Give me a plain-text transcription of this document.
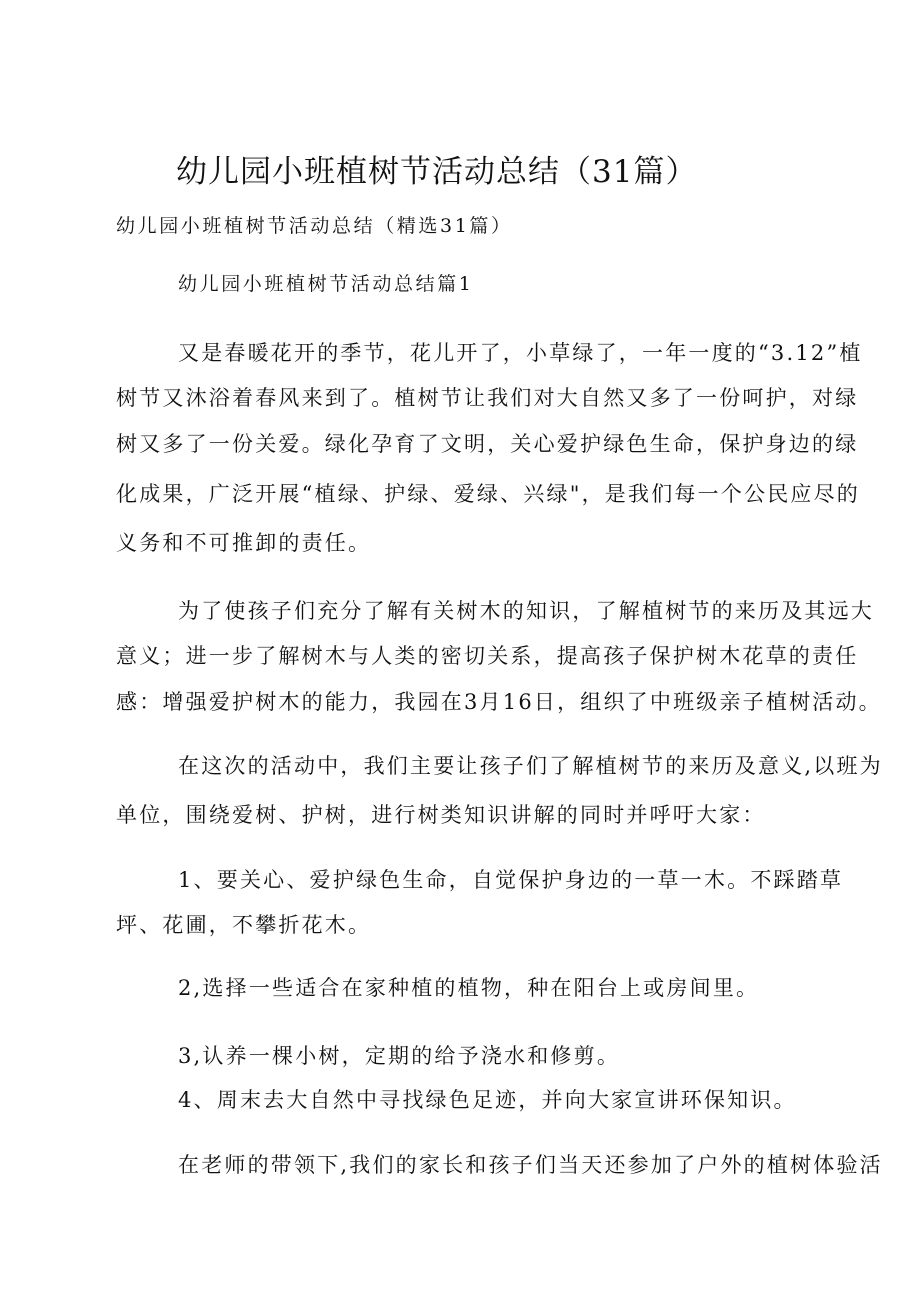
幼儿园小班植树节活动总结（31篇）
幼儿园小班植树节活动总结（精选31篇）
幼儿园小班植树节活动总结篇1
又是春暖花开的季节，花儿开了，小草绿了，一年一度的“3.12”植
树节又沐浴着春风来到了。植树节让我们对大自然又多了一份呵护，对绿
树又多了一份关爱。绿化孕育了文明，关心爱护绿色生命，保护身边的绿
化成果，广泛开展“植绿、护绿、爱绿、兴绿"，是我们每一个公民应尽的
义务和不可推卸的责任。
为了使孩子们充分了解有关树木的知识，了解植树节的来历及其远大
意义；进一步了解树木与人类的密切关系，提高孩子保护树木花草的责任
感：增强爱护树木的能力，我园在3月16日，组织了中班级亲子植树活动。
在这次的活动中，我们主要让孩子们了解植树节的来历及意义,以班为
单位，围绕爱树、护树，进行树类知识讲解的同时并呼吁大家：
1、要关心、爱护绿色生命，自觉保护身边的一草一木。不踩踏草
坪、花圃，不攀折花木。
2,选择一些适合在家种植的植物，种在阳台上或房间里。
3,认养一棵小树，定期的给予浇水和修剪。
4、周末去大自然中寻找绿色足迹，并向大家宣讲环保知识。
在老师的带领下,我们的家长和孩子们当天还参加了户外的植树体验活
